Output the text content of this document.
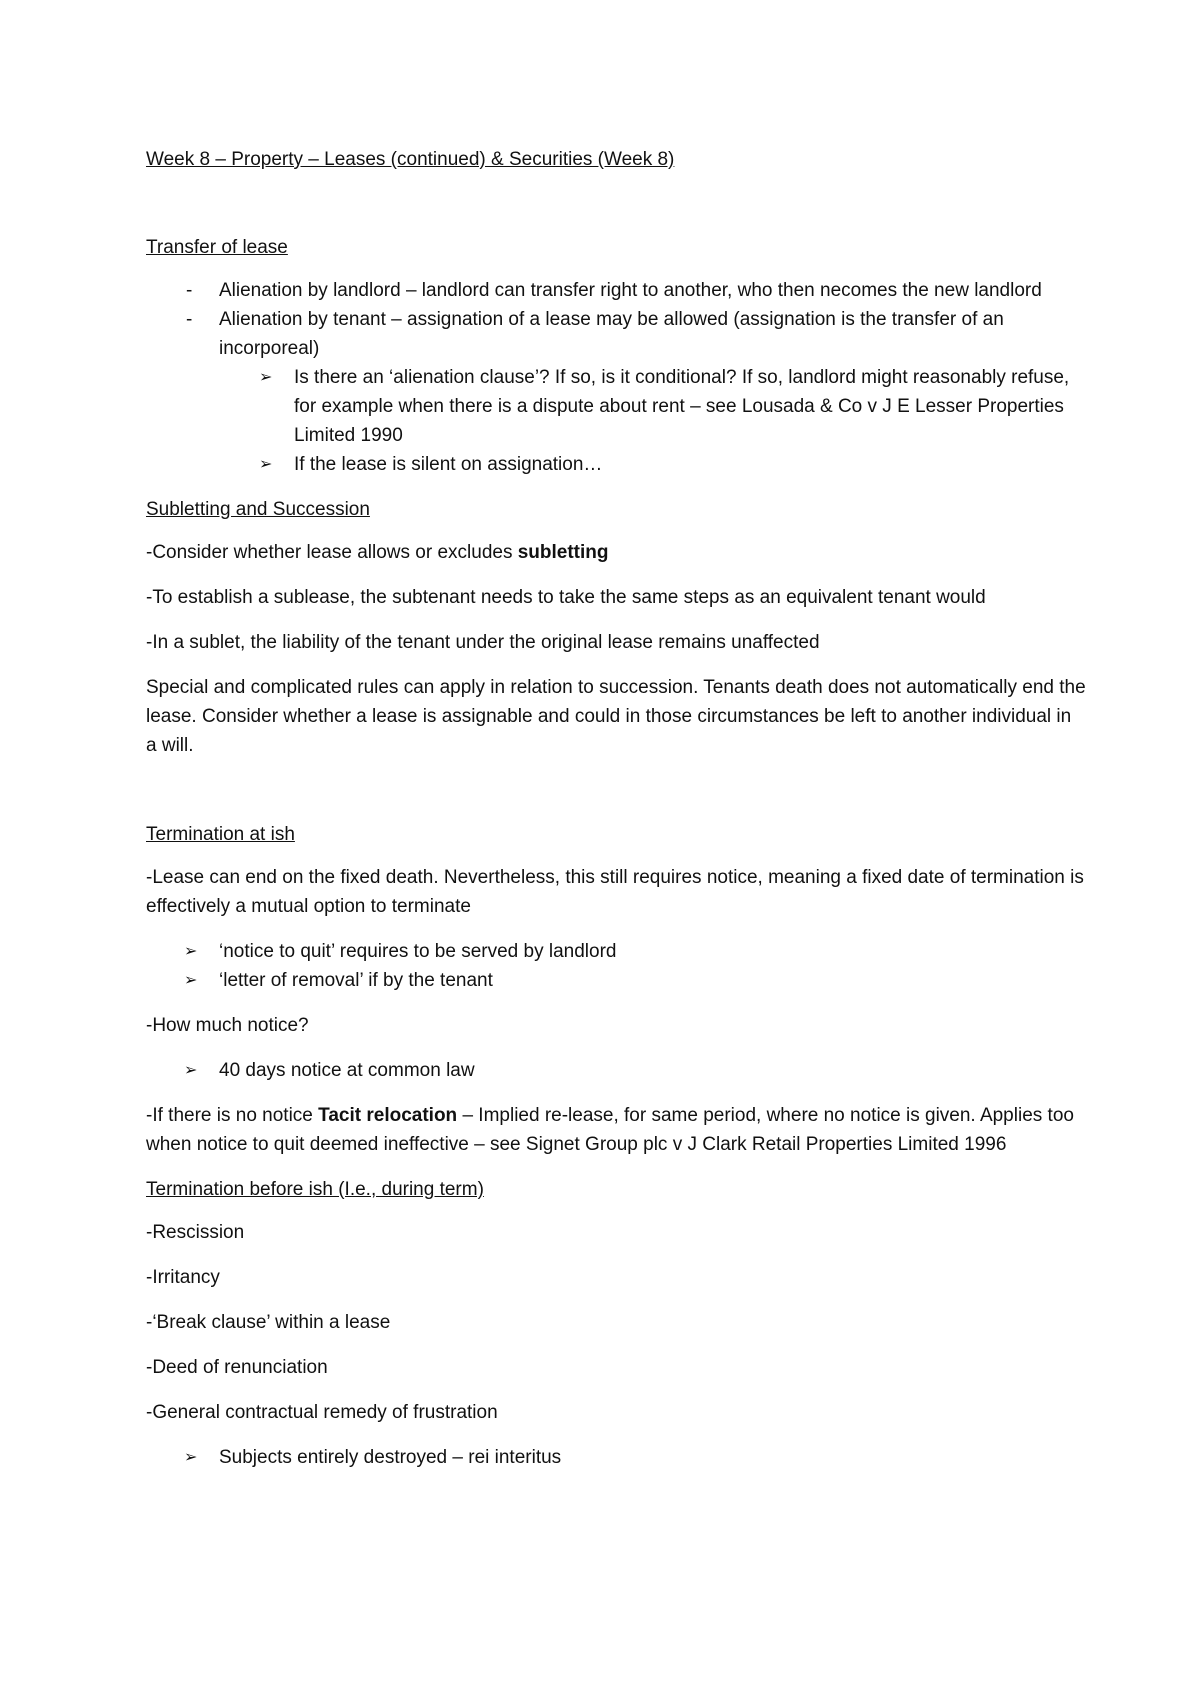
Week 8 – Property – Leases (continued) & Securities (Week 8)
Transfer of lease
- Alienation by landlord – landlord can transfer right to another, who then necomes the new landlord
- Alienation by tenant – assignation of a lease may be allowed (assignation is the transfer of an incorporeal)
➢ Is there an ‘alienation clause’? If so, is it conditional? If so, landlord might reasonably refuse, for example when there is a dispute about rent – see Lousada & Co v J E Lesser Properties Limited 1990
➢ If the lease is silent on assignation…
Subletting and Succession

-Consider whether lease allows or excludes subletting

-To establish a sublease, the subtenant needs to take the same steps as an equivalent tenant would

-In a sublet, the liability of the tenant under the original lease remains unaffected

Special and complicated rules can apply in relation to succession. Tenants death does not automatically end the lease. Consider whether a lease is assignable and could in those circumstances be left to another individual in a will.

Termination at ish

-Lease can end on the fixed death. Nevertheless, this still requires notice, meaning a fixed date of termination is effectively a mutual option to terminate

➢ ‘notice to quit’ requires to be served by landlord
➢ ‘letter of removal’ if by the tenant

-How much notice?

➢ 40 days notice at common law

-If there is no notice Tacit relocation – Implied re-lease, for same period, where no notice is given. Applies too when notice to quit deemed ineffective – see Signet Group plc v J Clark Retail Properties Limited 1996

Termination before ish (I.e., during term)

-Rescission

-Irritancy

-‘Break clause’ within a lease

-Deed of renunciation

-General contractual remedy of frustration

➢ Subjects entirely destroyed – rei interitus
